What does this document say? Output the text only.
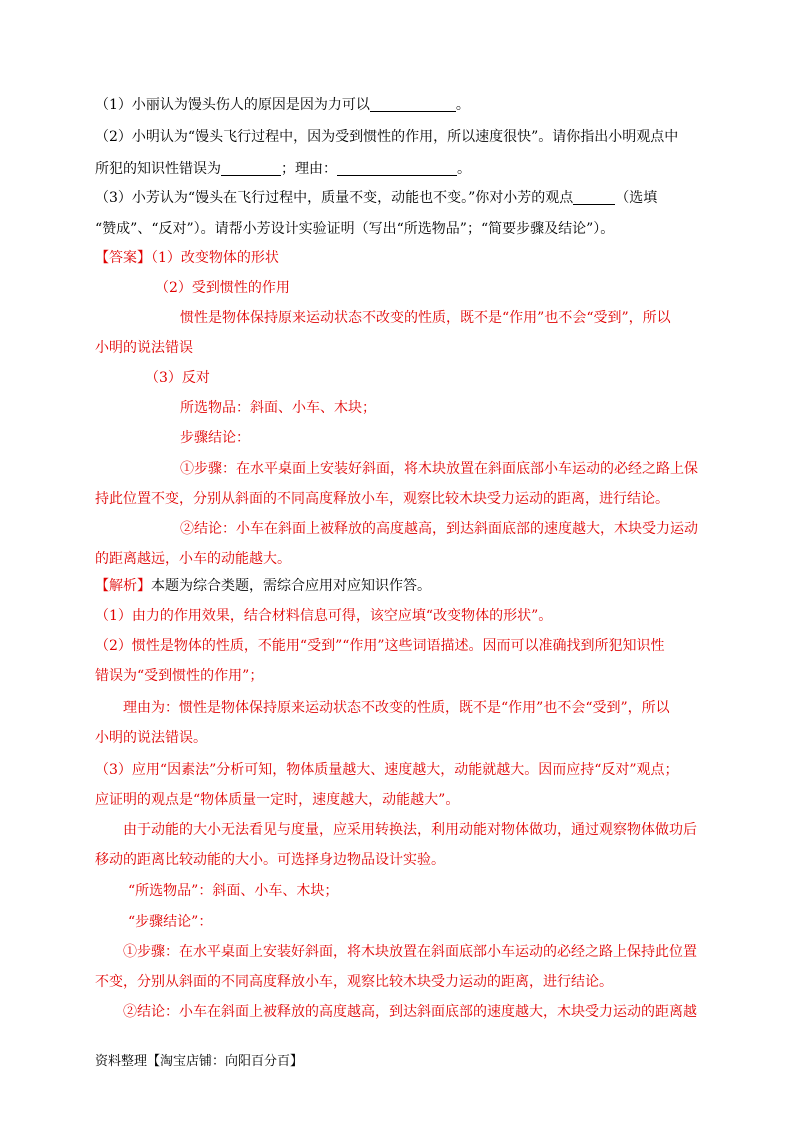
（1）小丽认为馒头伤人的原因是因为力可以	。
（2）小明认为“馒头飞行过程中，因为受到惯性的作用，所以速度很快”。请你指出小明观点中
所犯的知识性错误为	；理由：	。
（3）小芳认为“馒头在飞行过程中，质量不变，动能也不变。”你对小芳的观点	（选填
“赞成”、“反对”）。请帮小芳设计实验证明（写出“所选物品”；“简要步骤及结论”）。
【答案】（1）改变物体的形状
（2）受到惯性的作用
惯性是物体保持原来运动状态不改变的性质，既不是“作用”也不会“受到”，所以
小明的说法错误
（3）反对
所选物品：斜面、小车、木块；
步骤结论：
①步骤：在水平桌面上安装好斜面，将木块放置在斜面底部小车运动的必经之路上保
持此位置不变，分别从斜面的不同高度释放小车，观察比较木块受力运动的距离，进行结论。
②结论：小车在斜面上被释放的高度越高，到达斜面底部的速度越大，木块受力运动
的距离越远，小车的动能越大。
【解析】本题为综合类题，需综合应用对应知识作答。
（1）由力的作用效果，结合材料信息可得，该空应填“改变物体的形状”。
（2）惯性是物体的性质，不能用“受到”“作用”这些词语描述。因而可以准确找到所犯知识性
错误为“受到惯性的作用”；
理由为：惯性是物体保持原来运动状态不改变的性质，既不是“作用”也不会“受到”，所以
小明的说法错误。
（3）应用“因素法”分析可知，物体质量越大、速度越大，动能就越大。因而应持“反对”观点；
应证明的观点是“物体质量一定时，速度越大，动能越大”。
由于动能的大小无法看见与度量，应采用转换法，利用动能对物体做功，通过观察物体做功后
移动的距离比较动能的大小。可选择身边物品设计实验。
“所选物品”：斜面、小车、木块；
“步骤结论”：
①步骤：在水平桌面上安装好斜面，将木块放置在斜面底部小车运动的必经之路上保持此位置
不变，分别从斜面的不同高度释放小车，观察比较木块受力运动的距离，进行结论。
②结论：小车在斜面上被释放的高度越高，到达斜面底部的速度越大，木块受力运动的距离越
资料整理【淘宝店铺：向阳百分百】
